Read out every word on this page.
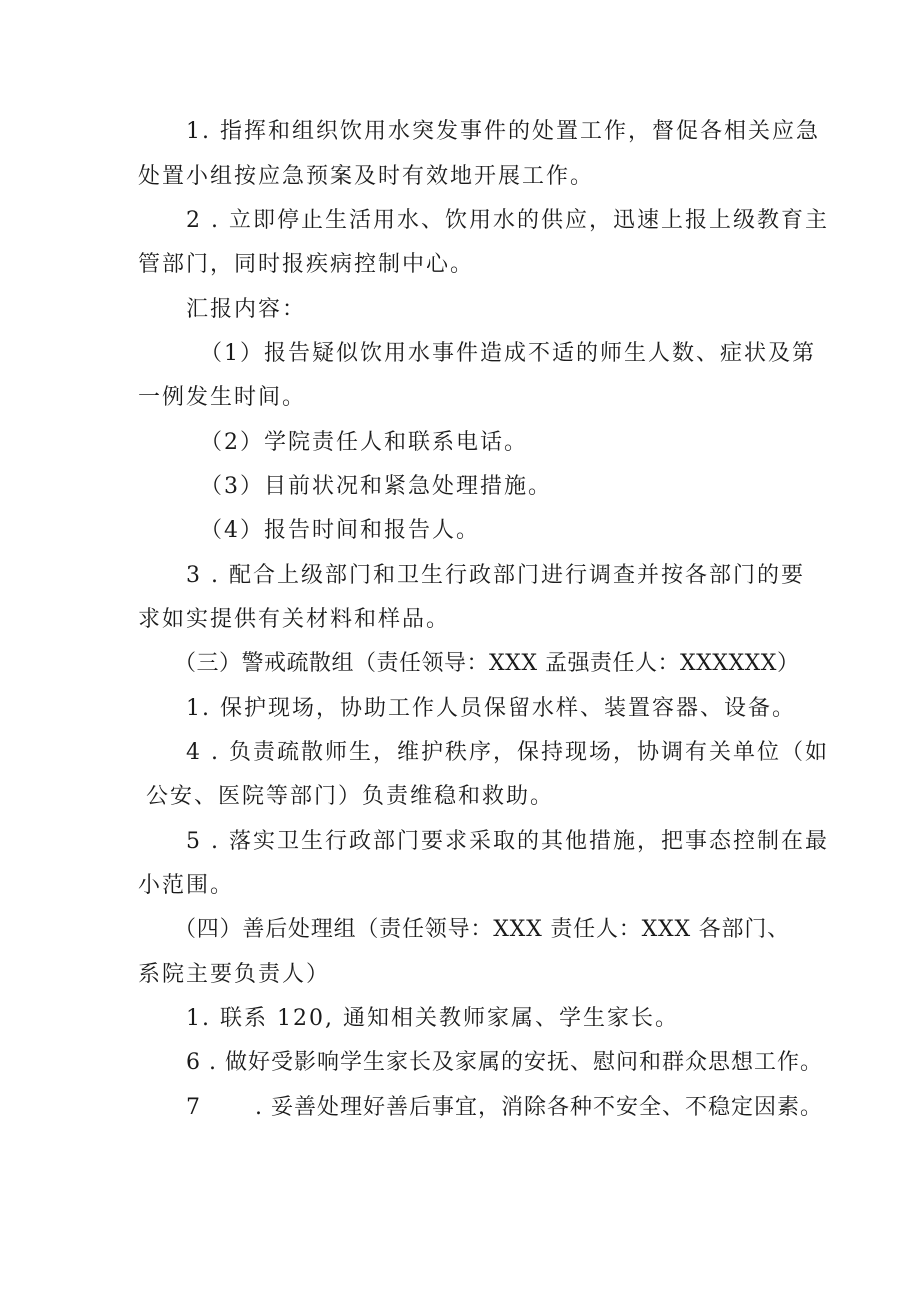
1. 指挥和组织饮用水突发事件的处置工作，督促各相关应急
处置小组按应急预案及时有效地开展工作。
2 . 立即停止生活用水、饮用水的供应，迅速上报上级教育主
管部门，同时报疾病控制中心。
汇报内容：
（1）报告疑似饮用水事件造成不适的师生人数、症状及第
一例发生时间。
（2）学院责任人和联系电话。
（3）目前状况和紧急处理措施。
（4）报告时间和报告人。
3 . 配合上级部门和卫生行政部门进行调查并按各部门的要
求如实提供有关材料和样品。
（三）警戒疏散组（责任领导：XXX 孟强责任人：XXXXXX）
1. 保护现场，协助工作人员保留水样、装置容器、设备。
4 . 负责疏散师生，维护秩序，保持现场，协调有关单位（如
公安、医院等部门）负责维稳和救助。
5 . 落实卫生行政部门要求采取的其他措施，把事态控制在最
小范围。
（四）善后处理组（责任领导：XXX 责任人：XXX 各部门、
系院主要负责人）
1. 联系 120, 通知相关教师家属、学生家长。
6 . 做好受影响学生家长及家属的安抚、慰问和群众思想工作。
7 　　. 妥善处理好善后事宜，消除各种不安全、不稳定因素。
